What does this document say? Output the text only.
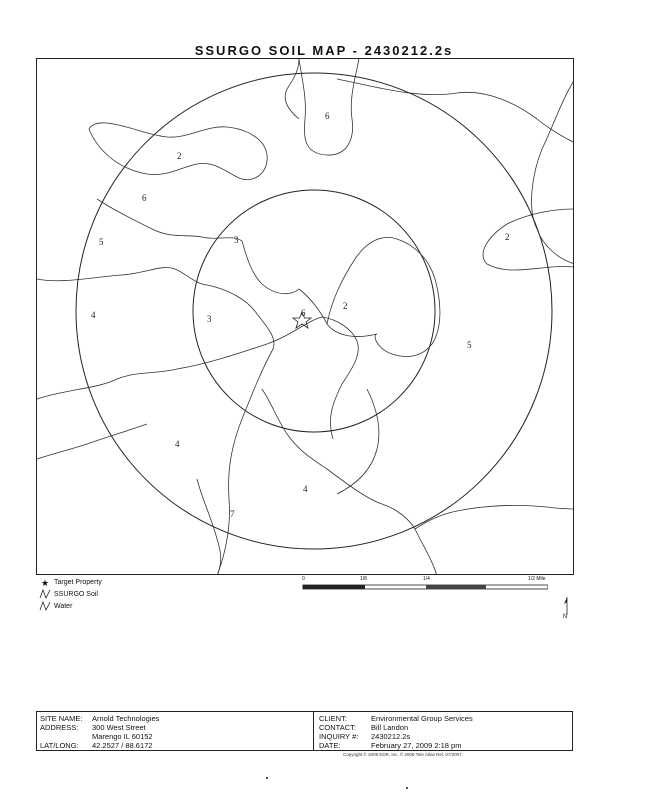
SSURGO SOIL MAP - 2430212.2s
6
2
6
5	3	2
4	3
6
2
5
4
7
4
★ Target Property
SSURGO Soil
Water
0	1/8	1/4	1/2 Mile
N
SITE NAME: Arnold Technologies
ADDRESS: 300 West Street
Marengo IL 60152
LAT/LONG: 42.2527 / 88.6172
CLIENT:	Environmental Group Services
CONTACT: Bill Landon
INQUIRY #: 2430212.2s
DATE:	February 27, 2009 2:18 pm
Copyright © 2009 EDR, Inc. © 2008 Tele Atlas Rel. 07/2007.
